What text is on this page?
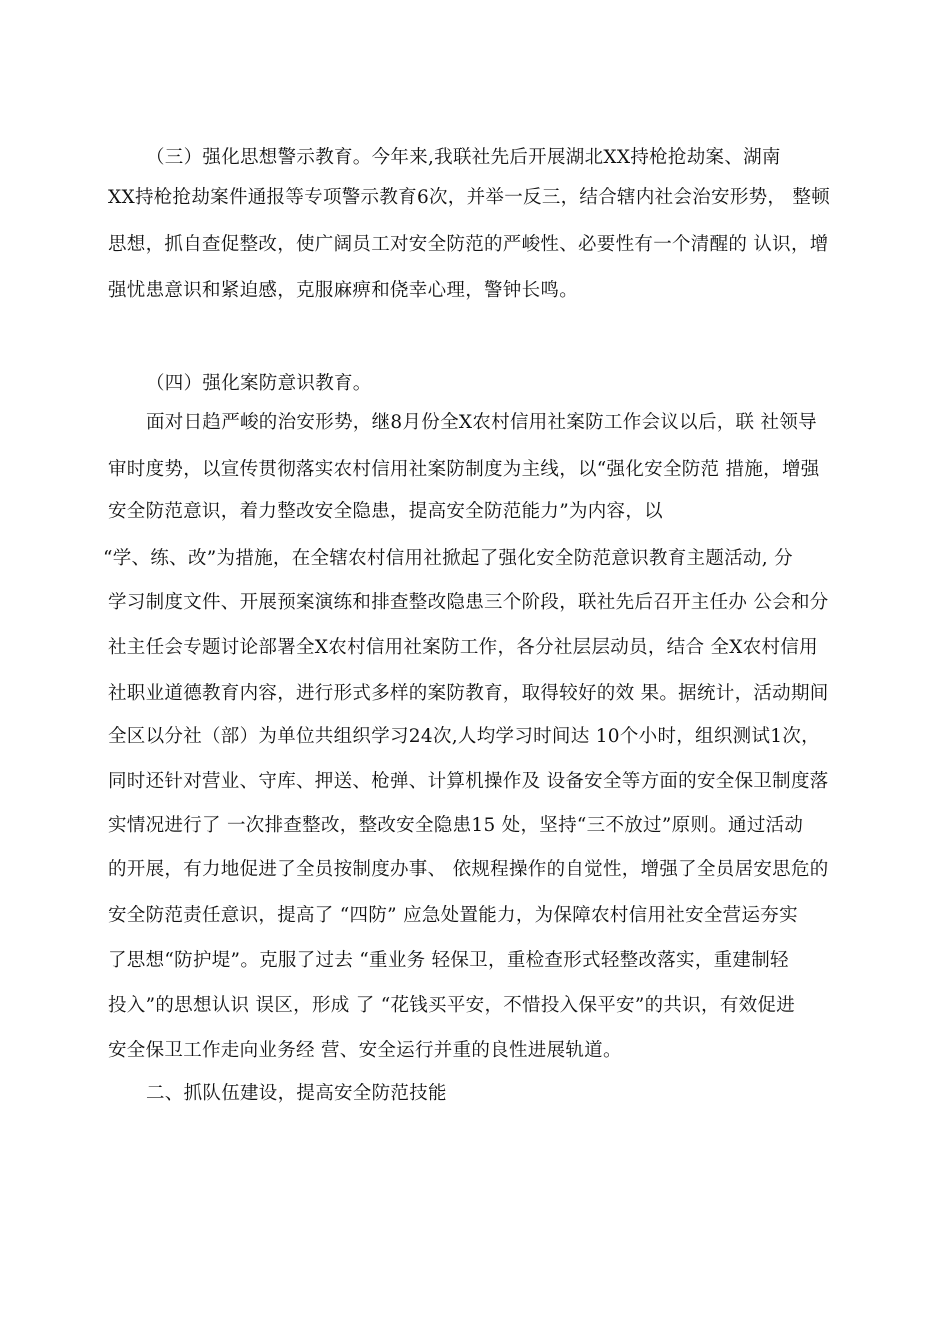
（三）强化思想警示教育。今年来,我联社先后开展湖北XX持枪抢劫案、湖南

XX持枪抢劫案件通报等专项警示教育6次，并举一反三，结合辖内社会治安形势， 整顿

思想，抓自查促整改，使广阔员工对安全防范的严峻性、必要性有一个清醒的 认识，增

强忧患意识和紧迫感，克服麻痹和侥幸心理，警钟长鸣。

（四）强化案防意识教育。

面对日趋严峻的治安形势，继8月份全X农村信用社案防工作会议以后，联 社领导

审时度势，以宣传贯彻落实农村信用社案防制度为主线，以“强化安全防范 措施，增强

安全防范意识，着力整改安全隐患，提高安全防范能力”为内容，以

“学、练、改”为措施，在全辖农村信用社掀起了强化安全防范意识教育主题活动, 分

学习制度文件、开展预案演练和排查整改隐患三个阶段，联社先后召开主任办 公会和分

社主任会专题讨论部署全X农村信用社案防工作，各分社层层动员，结合 全X农村信用

社职业道德教育内容，进行形式多样的案防教育，取得较好的效 果。据统计，活动期间

全区以分社（部）为单位共组织学习24次,人均学习时间达 10个小时，组织测试1次，

同时还针对营业、守库、押送、枪弹、计算机操作及 设备安全等方面的安全保卫制度落

实情况进行了 一次排查整改，整改安全隐患15 处，坚持“三不放过”原则。通过活动

的开展，有力地促进了全员按制度办事、 依规程操作的自觉性，增强了全员居安思危的

安全防范责任意识，提高了 “四防” 应急处置能力，为保障农村信用社安全营运夯实

了思想“防护堤”。克服了过去 “重业务 轻保卫，重检查形式轻整改落实，重建制轻

投入”的思想认识 误区，形成 了 “花钱买平安，不惜投入保平安”的共识，有效促进

安全保卫工作走向业务经 营、安全运行并重的良性进展轨道。

二、抓队伍建设，提高安全防范技能
